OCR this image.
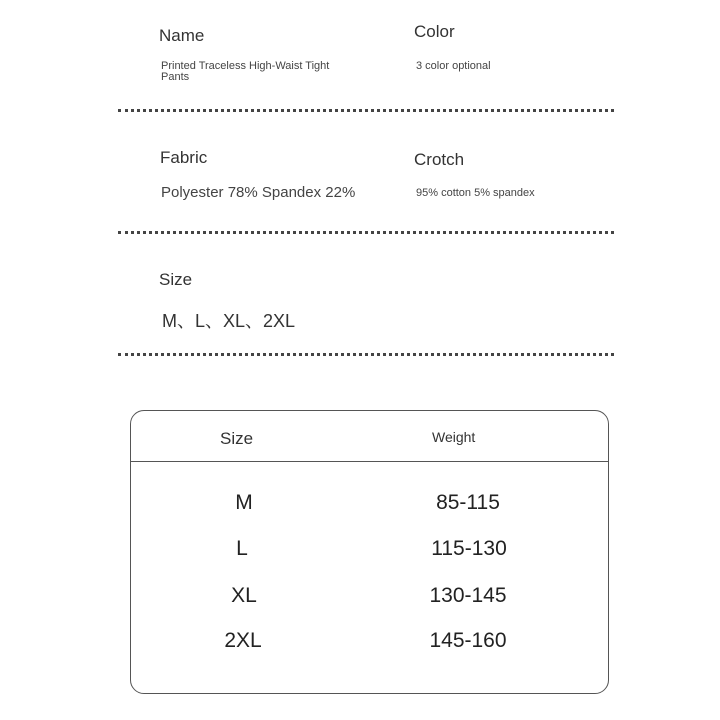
Name
Printed Traceless High-Waist Tight Pants
Color
3 color optional
Fabric
Polyester 78% Spandex 22%
Crotch
95% cotton 5% spandex
Size
M、L、XL、2XL
Size	Weight
M	85-115
L	115-130
XL	130-145
2XL	145-160
